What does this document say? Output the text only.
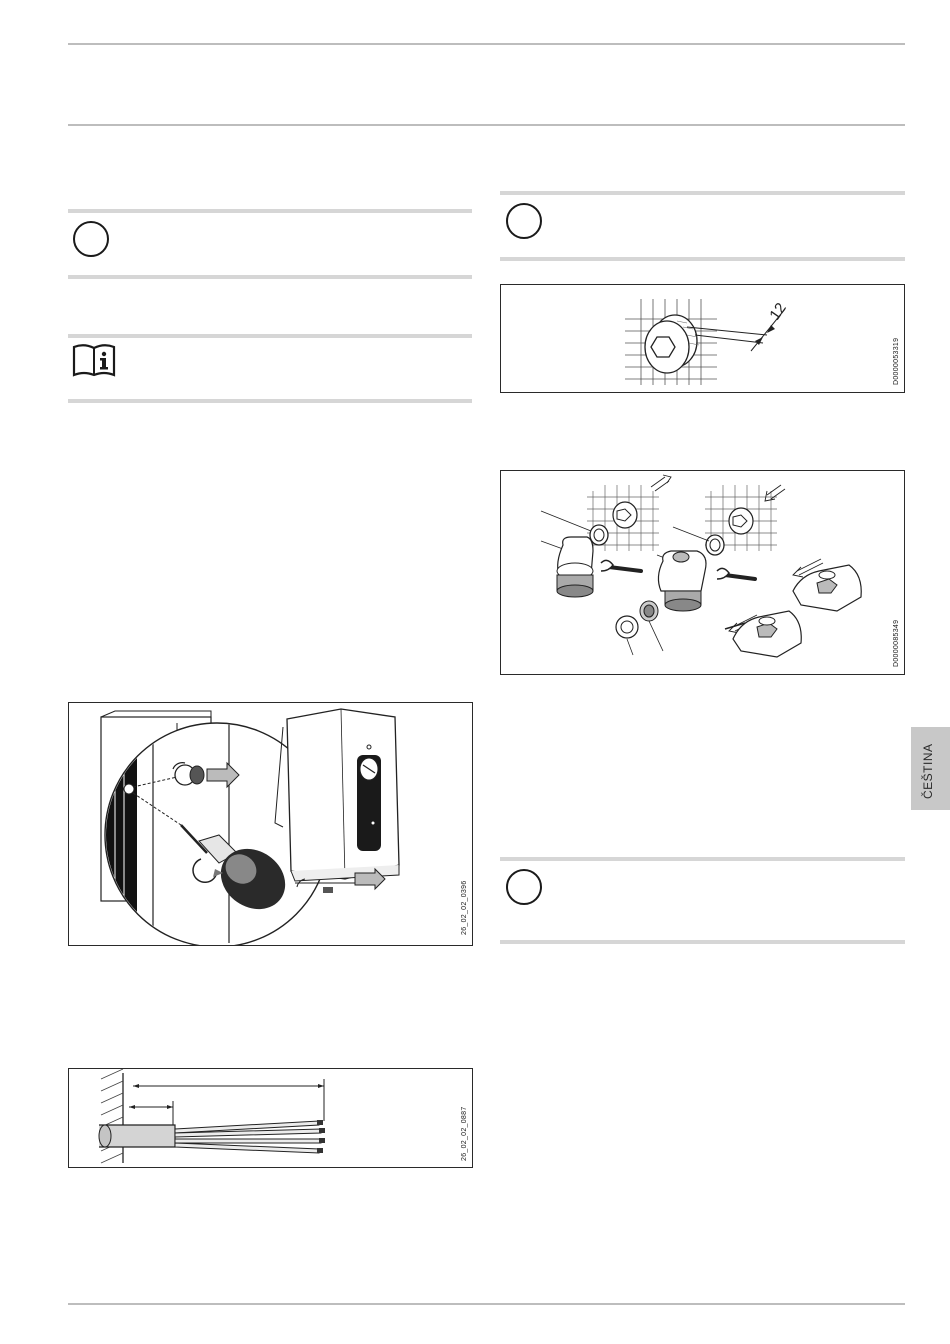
26_02_02_0396
26_02_02_0887
12
D0000053319
D0000085349
ČEŠTINA
